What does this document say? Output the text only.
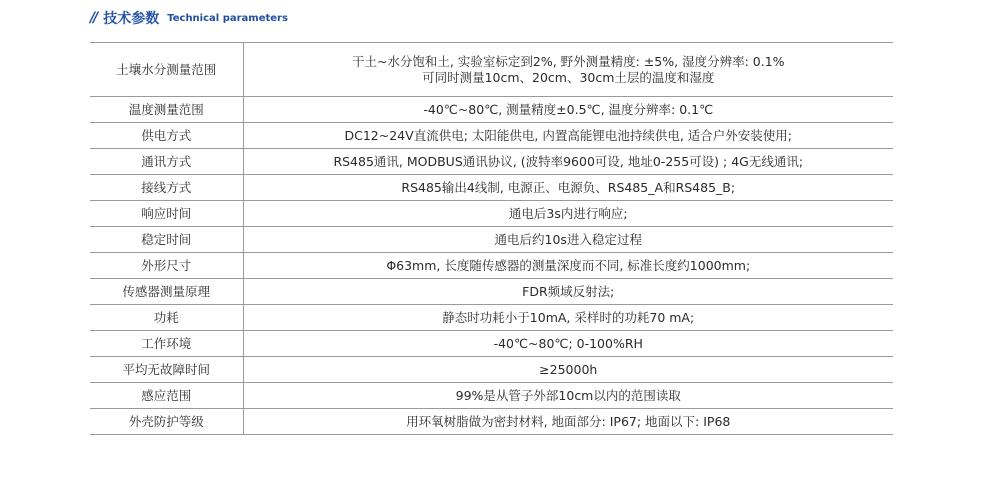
// 技术参数 Technical parameters
土壤水分测量范围	干土~水分饱和土, 实验室标定到2%, 野外测量精度: ±5%, 湿度分辨率: 0.1%
可同时测量10cm、20cm、30cm土层的温度和湿度

温度测量范围	-40℃~80℃, 测量精度±0.5℃, 温度分辨率: 0.1℃
供电方式	DC12~24V直流供电; 太阳能供电, 内置高能锂电池持续供电, 适合户外安装使用;
通讯方式	RS485通讯, MODBUS通讯协议, (波特率9600可设, 地址0-255可设) ; 4G无线通讯;
接线方式	RS485输出4线制, 电源正、电源负、RS485_A和RS485_B;
响应时间	通电后3s内进行响应;
稳定时间	通电后约10s进入稳定过程
外形尺寸	Φ63mm, 长度随传感器的测量深度而不同, 标准长度约1000mm;
传感器测量原理	FDR频域反射法;
功耗	静态时功耗小于10mA, 采样时的功耗70 mA;
工作环境	-40℃~80℃; 0-100%RH
平均无故障时间	≥25000h
感应范围	99%是从管子外部10cm以内的范围读取
外壳防护等级	用环氧树脂做为密封材料, 地面部分: IP67; 地面以下: IP68
